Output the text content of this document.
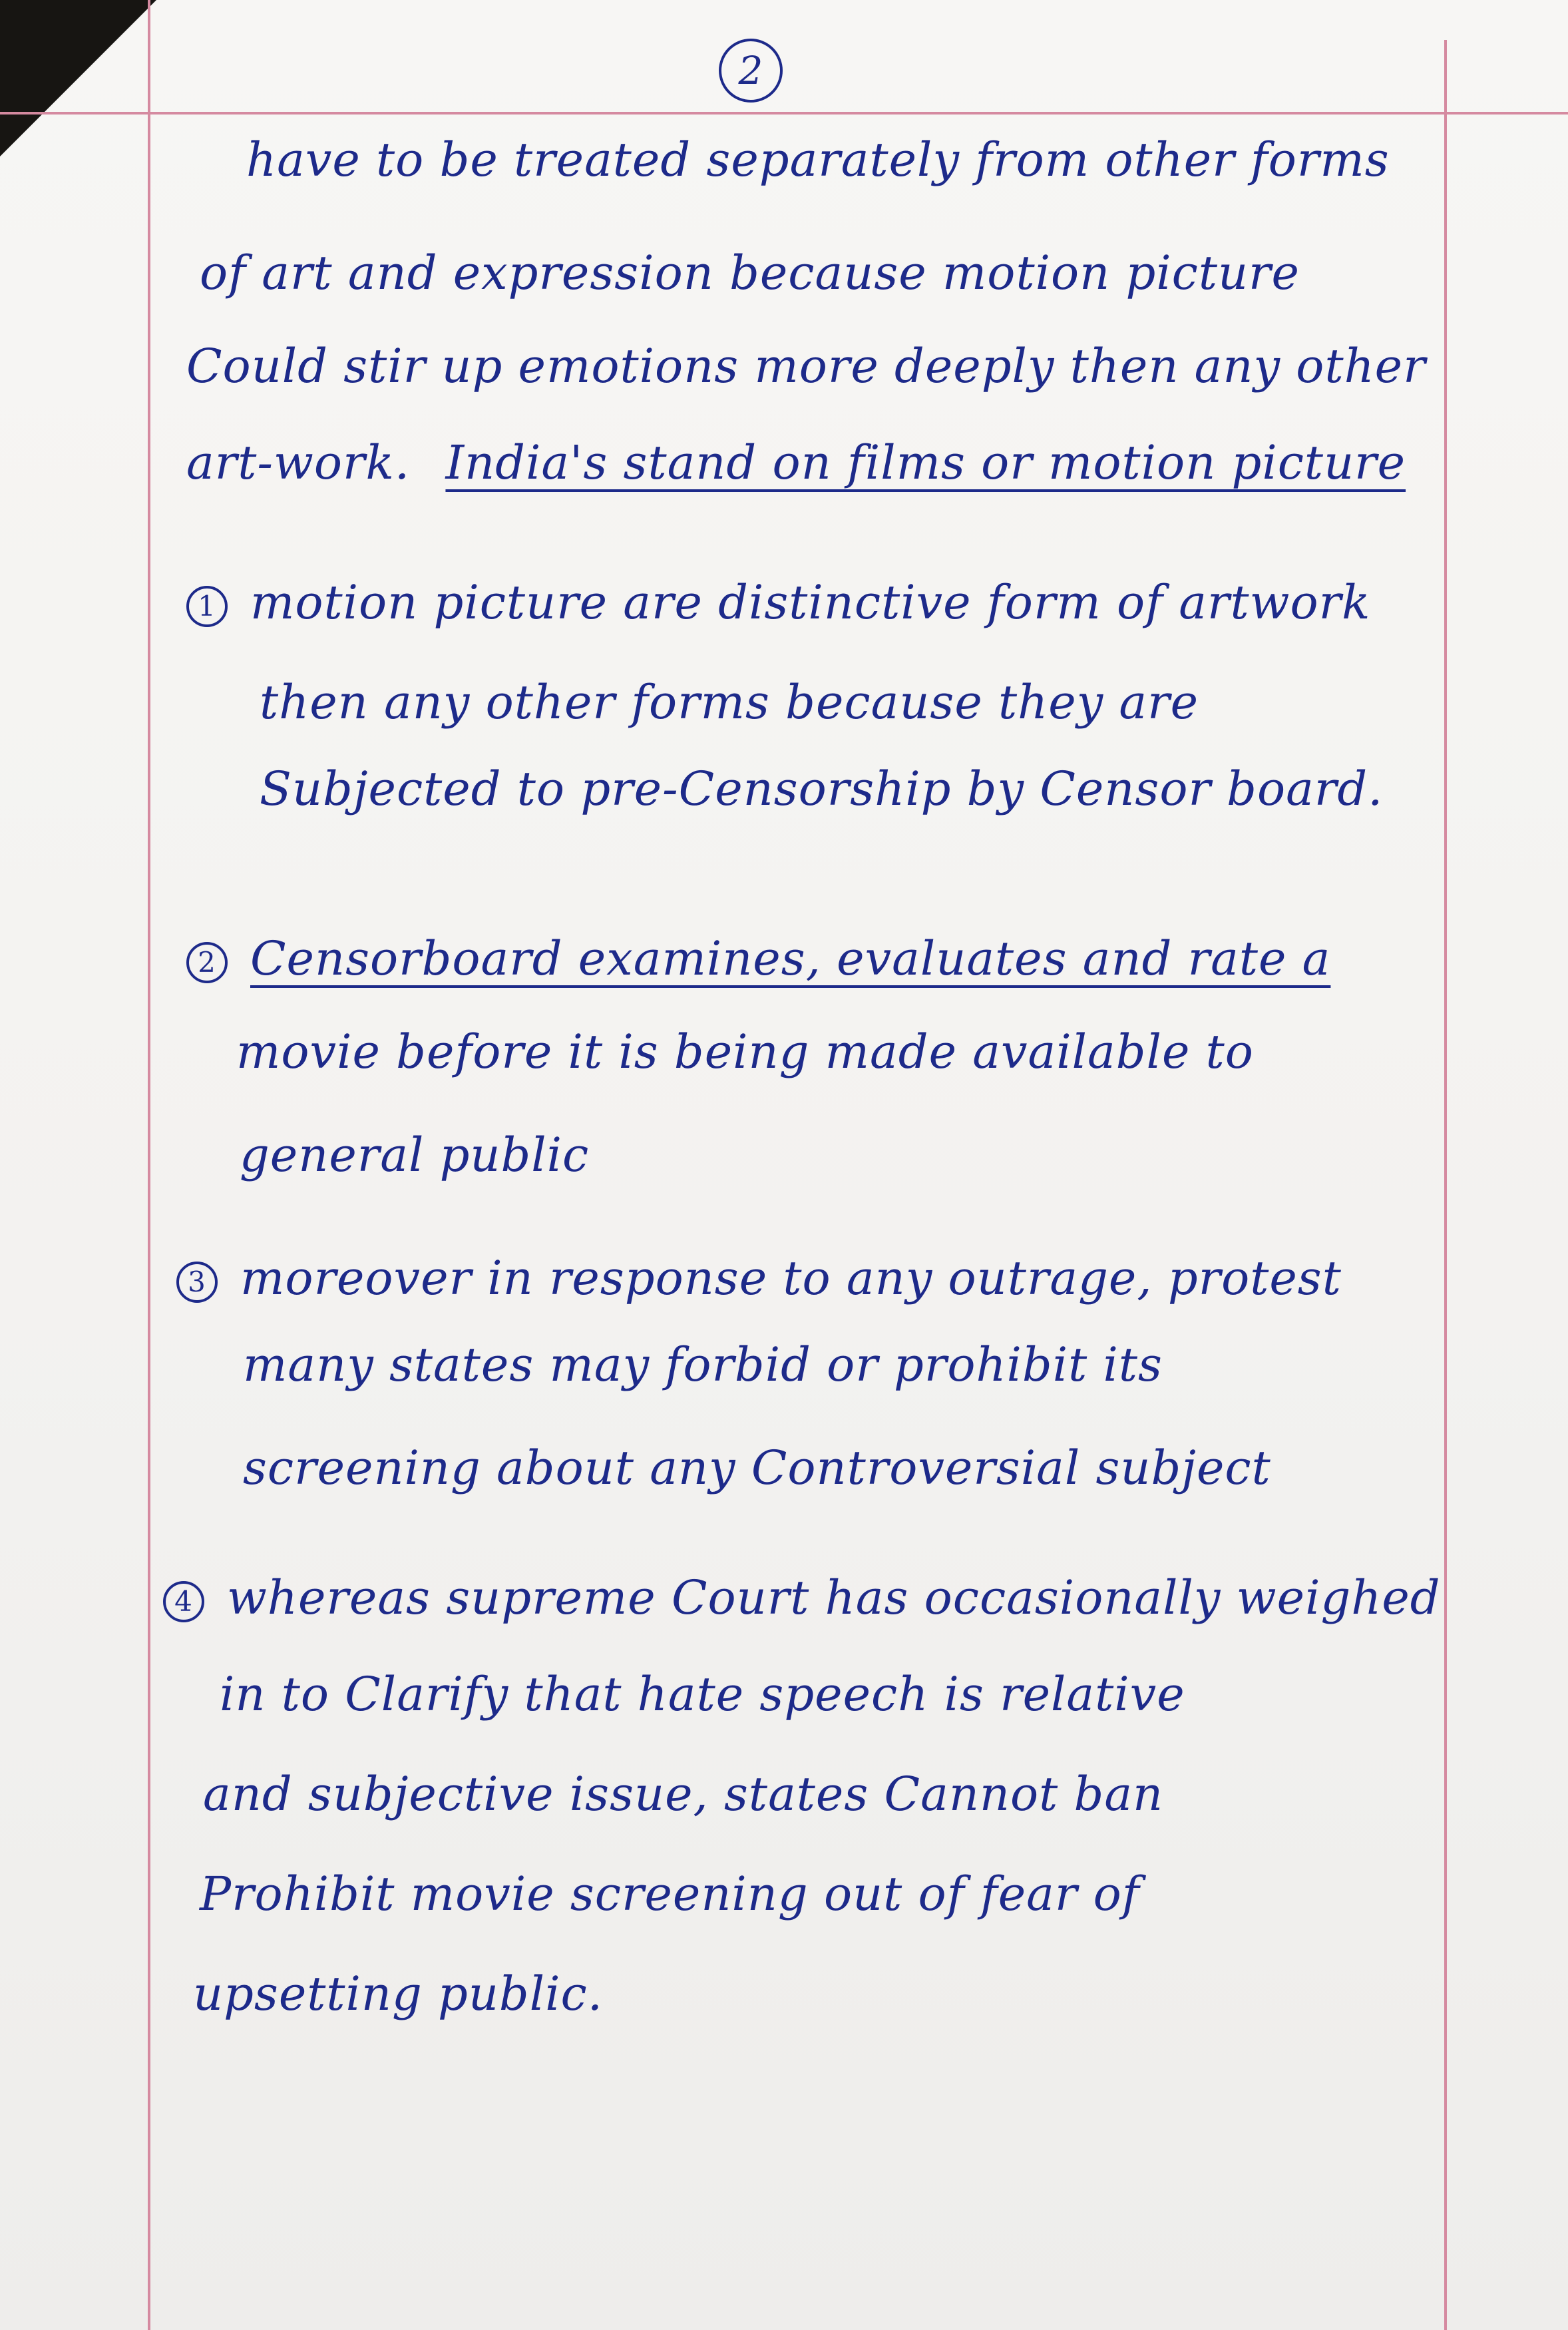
2

have to be treated separately from other forms

of art and expression because motion picture

Could stir up emotions more deeply then any other

art-work. India's stand on films or motion picture

1 motion picture are distinctive form of artwork

then any other forms because they are

Subjected to pre-Censorship by Censor board.

2 Censorboard examines, evaluates and rate a

movie before it is being made available to

general public

3 moreover in response to any outrage, protest

many states may forbid or prohibit its

screening about any Controversial subject

4 whereas supreme Court has occasionally weighed

in to Clarify that hate speech is relative

and subjective issue, states Cannot ban

Prohibit movie screening out of fear of

upsetting public.
